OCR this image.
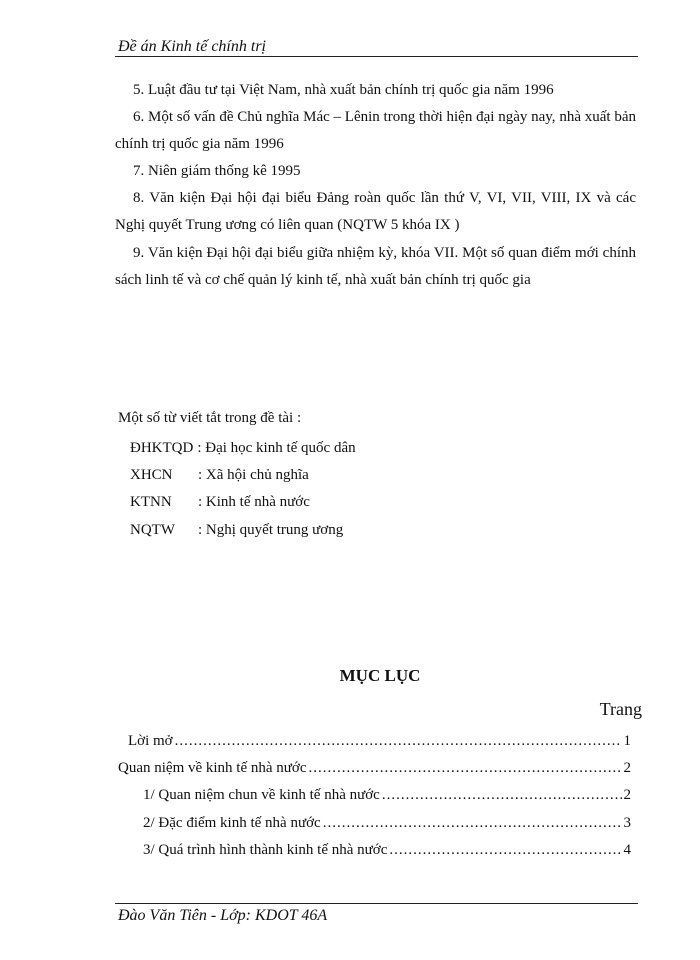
Đề án Kinh tế chính trị
5. Luật đầu tư tại Việt Nam, nhà xuất bản chính trị quốc gia năm 1996
6. Một số vấn đề Chủ nghĩa Mác – Lênin trong thời hiện đại ngày nay, nhà xuất bản chính trị quốc gia năm 1996
7. Niên giám thống kê 1995
8. Văn kiện Đại hội đại biểu Đảng roàn quốc lần thứ V, VI, VII, VIII, IX và các Nghị quyết Trung ương có liên quan (NQTW 5 khóa IX )
9. Văn kiện Đại hội đại biểu giữa nhiệm kỳ, khóa VII. Một số quan điểm mới chính sách linh tế và cơ chế quản lý kinh tế, nhà xuất bản chính trị quốc gia
Một số từ viết tắt trong đề tài :
ĐHKTQD : Đại học kinh tế quốc dân
XHCN : Xã hội chủ nghĩa
KTNN : Kinh tế nhà nước
NQTW : Nghị quyết trung ương
MỤC LỤC
Trang
Lời mở .....	1
Quan niệm về kinh tế nhà nước .....	2
1/ Quan niệm chun về kinh tế nhà nước .....	2
2/ Đặc điểm kinh tế nhà nước .....	3
3/ Quá trình hình thành kinh tế nhà nước .....	4
Đào Văn Tiên - Lớp: KDOT 46A
